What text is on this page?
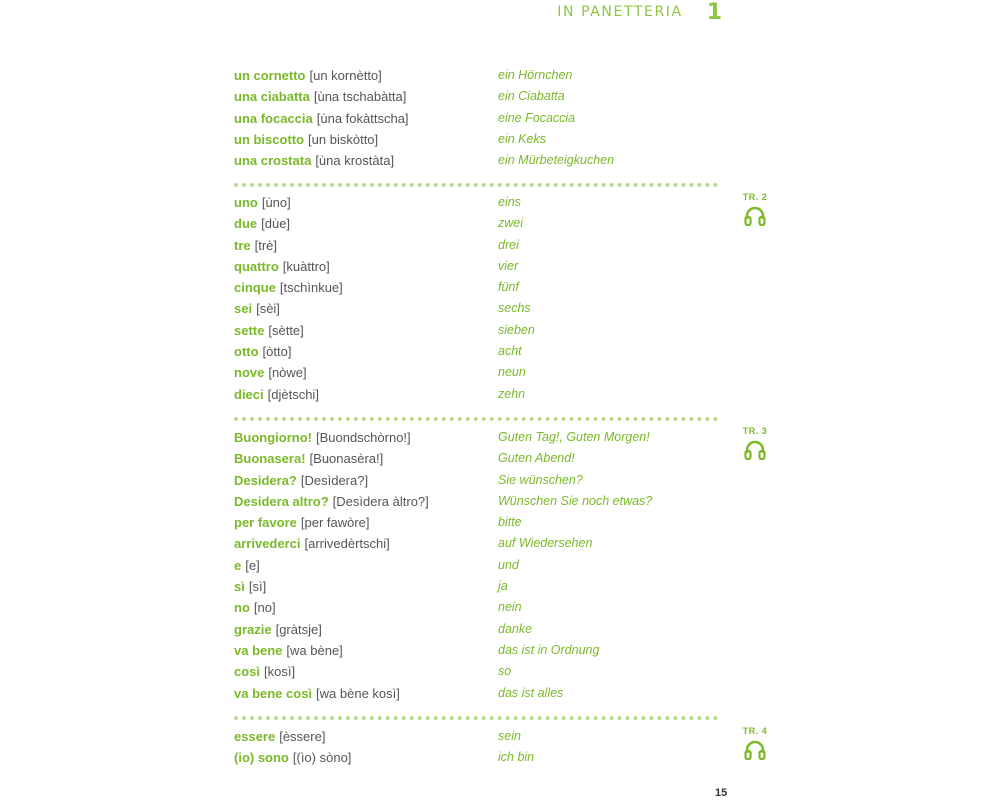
IN PANETTERIA 1
un cornetto [un kornètto]	ein Hörnchen
una ciabatta [ùna tschabàtta]	ein Ciabatta
una focaccia [ùna fokàttscha]	eine Focaccia
un biscotto [un biskòtto]	ein Keks
una crostata [ùna krostàta]	ein Mürbeteigkuchen
TR. 2
uno [ùno]	eins
due [dùe]	zwei
tre [trè]	drei
quattro [kuàttro]	vier
cinque [tschìnkue]	fünf
sei [sèi]	sechs
sette [sètte]	sieben
otto [òtto]	acht
nove [nòwe]	neun
dieci [djètschi]	zehn
TR. 3
Buongiorno! [Buondschòrno!]	Guten Tag!, Guten Morgen!
Buonasera! [Buonasèra!]	Guten Abend!
Desidera? [Desìdera?]	Sie wünschen?
Desidera altro? [Desìdera àltro?]	Wünschen Sie noch etwas?
per favore [per fawòre]	bitte
arrivederci [arrivedèrtschi]	auf Wiedersehen
e [e]	und
sì [sì]	ja
no [no]	nein
grazie [gràtsje]	danke
va bene [wa bène]	das ist in Ordnung
così [kosì]	so
va bene così [wa bène kosì]	das ist alles
TR. 4
essere [èssere]	sein
(io) sono [(ìo) sòno]	ich bin
15
